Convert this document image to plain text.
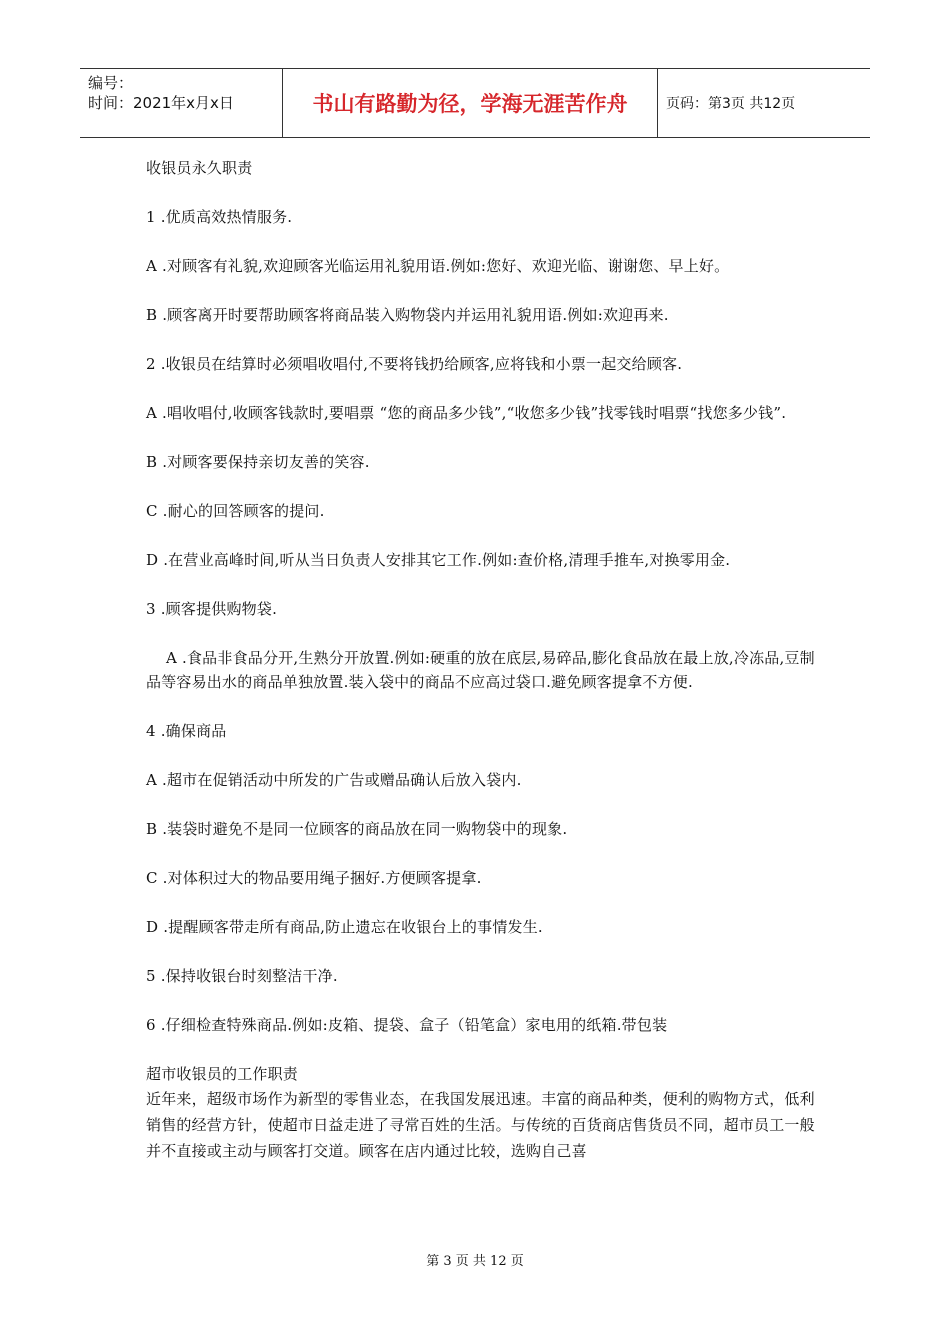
编号：
时间：2021年x月x日	书山有路勤为径，学海无涯苦作舟	页码：第3页 共12页

收银员永久职责

1 .优质高效热情服务.

A .对顾客有礼貌,欢迎顾客光临运用礼貌用语.例如:您好、欢迎光临、谢谢您、早上好。

B .顾客离开时要帮助顾客将商品装入购物袋内并运用礼貌用语.例如:欢迎再来.

2 .收银员在结算时必须唱收唱付,不要将钱扔给顾客,应将钱和小票一起交给顾客.

A .唱收唱付,收顾客钱款时,要唱票 “您的商品多少钱”,“收您多少钱”找零钱时唱票“找您多少钱”.

B .对顾客要保持亲切友善的笑容.

C .耐心的回答顾客的提问.

D .在营业高峰时间,听从当日负责人安排其它工作.例如:查价格,清理手推车,对换零用金.

3 .顾客提供购物袋.

A .食品非食品分开,生熟分开放置.例如:硬重的放在底层,易碎品,膨化食品放在最上放,冷冻品,豆制品等容易出水的商品单独放置.装入袋中的商品不应高过袋口.避免顾客提拿不方便.

4 .确保商品

A .超市在促销活动中所发的广告或赠品确认后放入袋内.

B .装袋时避免不是同一位顾客的商品放在同一购物袋中的现象.

C .对体积过大的物品要用绳子捆好.方便顾客提拿.

D .提醒顾客带走所有商品,防止遗忘在收银台上的事情发生.

5 .保持收银台时刻整洁干净.

6 .仔细检查特殊商品.例如:皮箱、提袋、盒子（铅笔盒）家电用的纸箱.带包装

超市收银员的工作职责

近年来，超级市场作为新型的零售业态，在我国发展迅速。丰富的商品种类，便利的购物方式，低利销售的经营方针，使超市日益走进了寻常百姓的生活。与传统的百货商店售货员不同，超市员工一般并不直接或主动与顾客打交道。顾客在店内通过比较，选购自己喜

第 3 页 共 12 页
